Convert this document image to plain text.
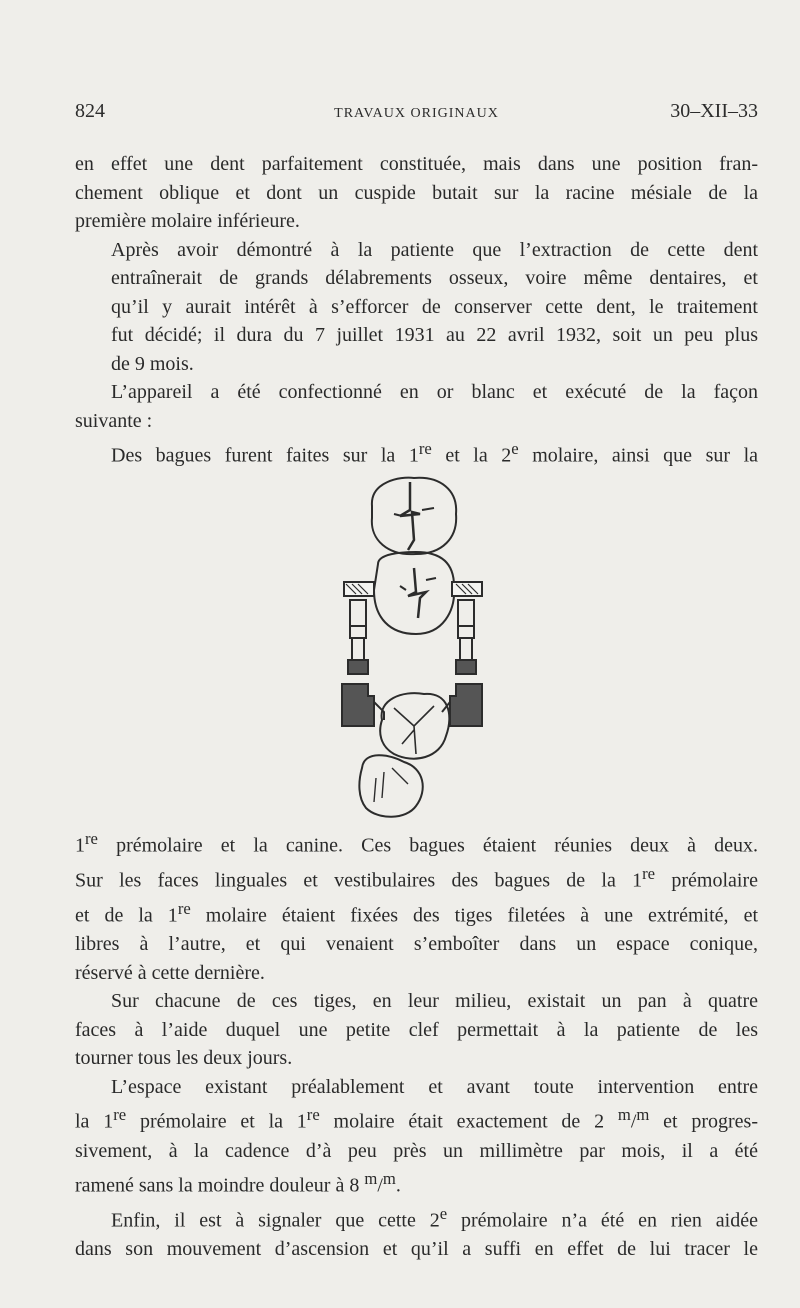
824	TRAVAUX ORIGINAUX	30–XII–33

en effet une dent parfaitement constituée, mais dans une position fran-
chement oblique et dont un cuspide butait sur la racine mésiale de la
première molaire inférieure.

Après avoir démontré à la patiente que l’extraction de cette dent
entraînerait de grands délabrements osseux, voire même dentaires, et
qu’il y aurait intérêt à s’efforcer de conserver cette dent, le traitement
fut décidé; il dura du 7 juillet 1931 au 22 avril 1932, soit un peu plus
de 9 mois.

L’appareil a été confectionné en or blanc et exécuté de la façon
suivante :

Des bagues furent faites sur la 1re et la 2e molaire, ainsi que sur la

1re prémolaire et la canine. Ces bagues étaient réunies deux à deux.
Sur les faces linguales et vestibulaires des bagues de la 1re prémolaire
et de la 1re molaire étaient fixées des tiges filetées à une extrémité, et
libres à l’autre, et qui venaient s’emboîter dans un espace conique,
réservé à cette dernière.

Sur chacune de ces tiges, en leur milieu, existait un pan à quatre
faces à l’aide duquel une petite clef permettait à la patiente de les
tourner tous les deux jours.

L’espace existant préalablement et avant toute intervention entre
la 1re prémolaire et la 1re molaire était exactement de 2 $^m$/$^m$ et progres-
sivement, à la cadence d’à peu près un millimètre par mois, il a été
ramené sans la moindre douleur à 8 $^m$/$^m$.

Enfin, il est à signaler que cette 2e prémolaire n’a été en rien aidée
dans son mouvement d’ascension et qu’il a suffi en effet de lui tracer le
